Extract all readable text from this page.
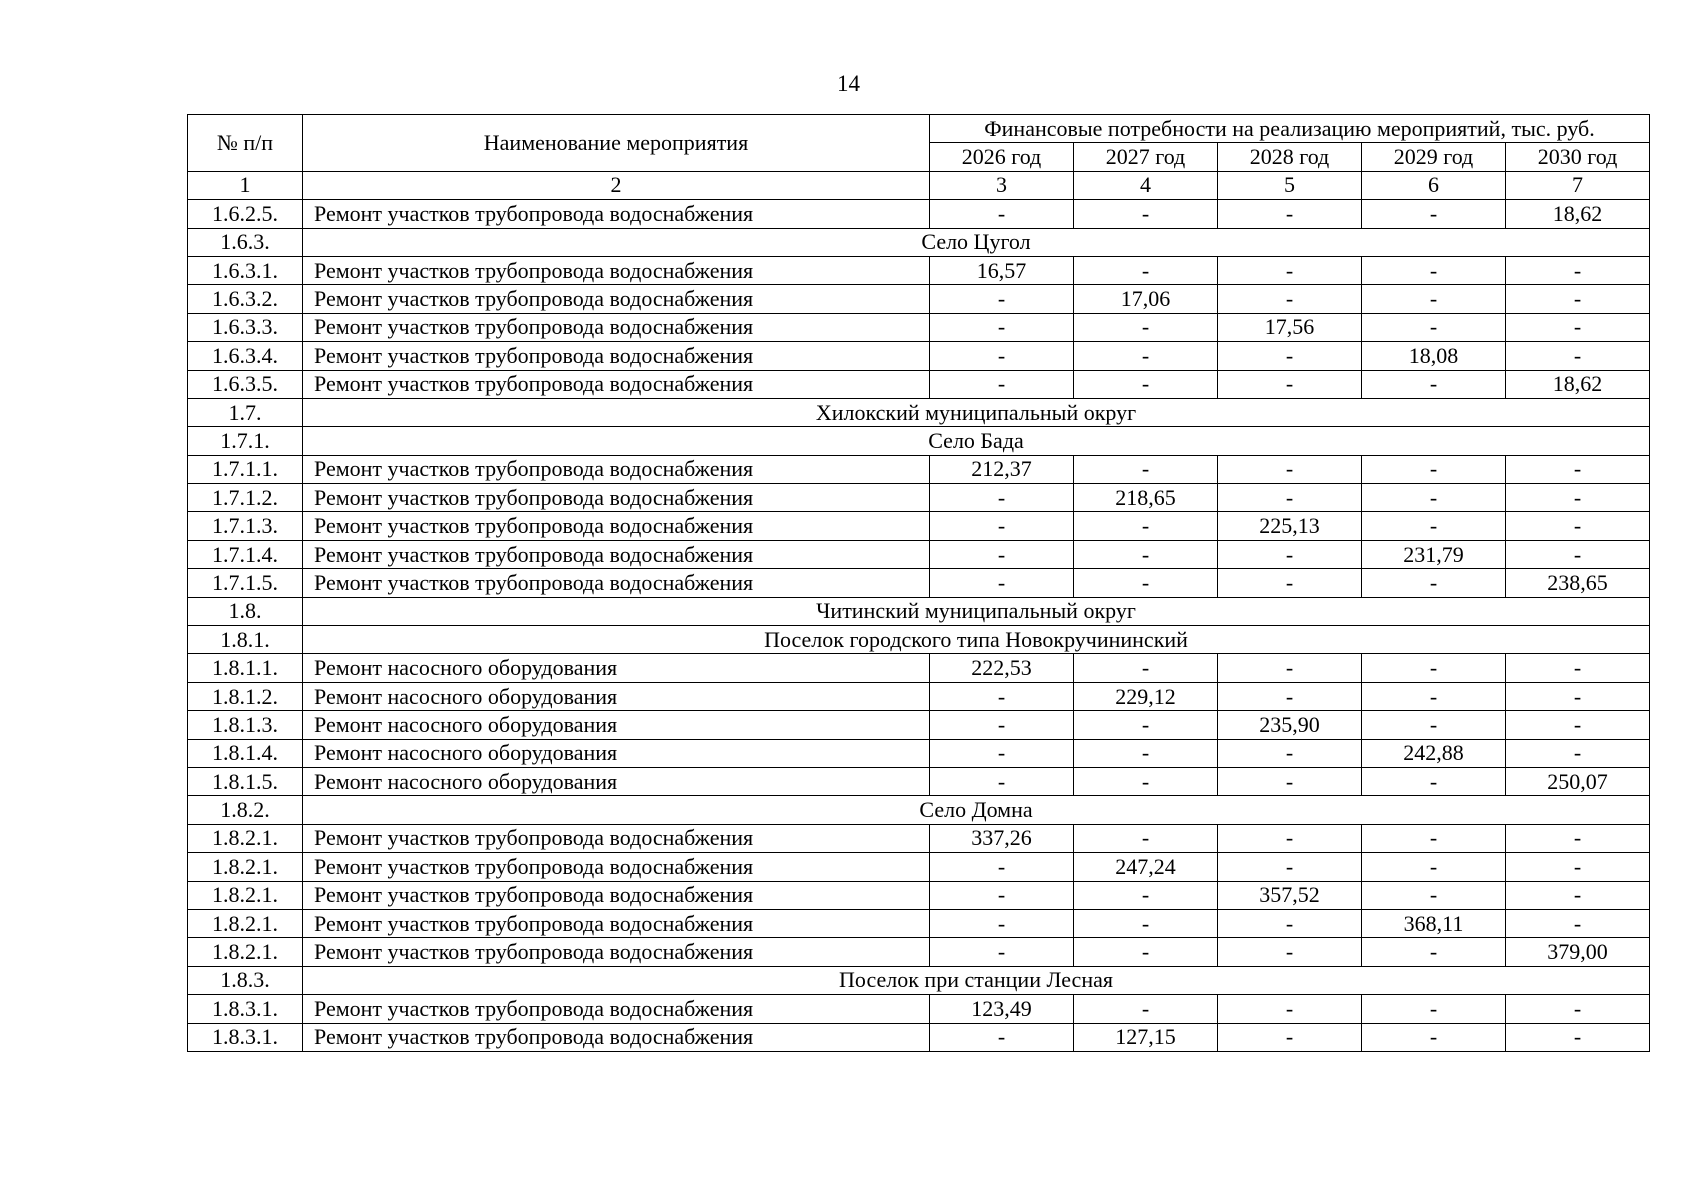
14
№ п/п	Наименование мероприятия	Финансовые потребности на реализацию мероприятий, тыс. руб.				
		2026 год	2027 год	2028 год	2029 год	2030 год
1	2	3	4	5	6	7
1.6.2.5.	Ремонт участков трубопровода водоснабжения	-	-	-	-	18,62
1.6.3.	Село Цугол					
1.6.3.1.	Ремонт участков трубопровода водоснабжения	16,57	-	-	-	-
1.6.3.2.	Ремонт участков трубопровода водоснабжения	-	17,06	-	-	-
1.6.3.3.	Ремонт участков трубопровода водоснабжения	-	-	17,56	-	-
1.6.3.4.	Ремонт участков трубопровода водоснабжения	-	-	-	18,08	-
1.6.3.5.	Ремонт участков трубопровода водоснабжения	-	-	-	-	18,62
1.7.	Хилокский муниципальный округ					
1.7.1.	Село Бада					
1.7.1.1.	Ремонт участков трубопровода водоснабжения	212,37	-	-	-	-
1.7.1.2.	Ремонт участков трубопровода водоснабжения	-	218,65	-	-	-
1.7.1.3.	Ремонт участков трубопровода водоснабжения	-	-	225,13	-	-
1.7.1.4.	Ремонт участков трубопровода водоснабжения	-	-	-	231,79	-
1.7.1.5.	Ремонт участков трубопровода водоснабжения	-	-	-	-	238,65
1.8.	Читинский муниципальный округ					
1.8.1.	Поселок городского типа Новокручининский					
1.8.1.1.	Ремонт насосного оборудования	222,53	-	-	-	-
1.8.1.2.	Ремонт насосного оборудования	-	229,12	-	-	-
1.8.1.3.	Ремонт насосного оборудования	-	-	235,90	-	-
1.8.1.4.	Ремонт насосного оборудования	-	-	-	242,88	-
1.8.1.5.	Ремонт насосного оборудования	-	-	-	-	250,07
1.8.2.	Село Домна					
1.8.2.1.	Ремонт участков трубопровода водоснабжения	337,26	-	-	-	-
1.8.2.1.	Ремонт участков трубопровода водоснабжения	-	247,24	-	-	-
1.8.2.1.	Ремонт участков трубопровода водоснабжения	-	-	357,52	-	-
1.8.2.1.	Ремонт участков трубопровода водоснабжения	-	-	-	368,11	-
1.8.2.1.	Ремонт участков трубопровода водоснабжения	-	-	-	-	379,00
1.8.3.	Поселок при станции Лесная					
1.8.3.1.	Ремонт участков трубопровода водоснабжения	123,49	-	-	-	-
1.8.3.1.	Ремонт участков трубопровода водоснабжения	-	127,15	-	-	-
